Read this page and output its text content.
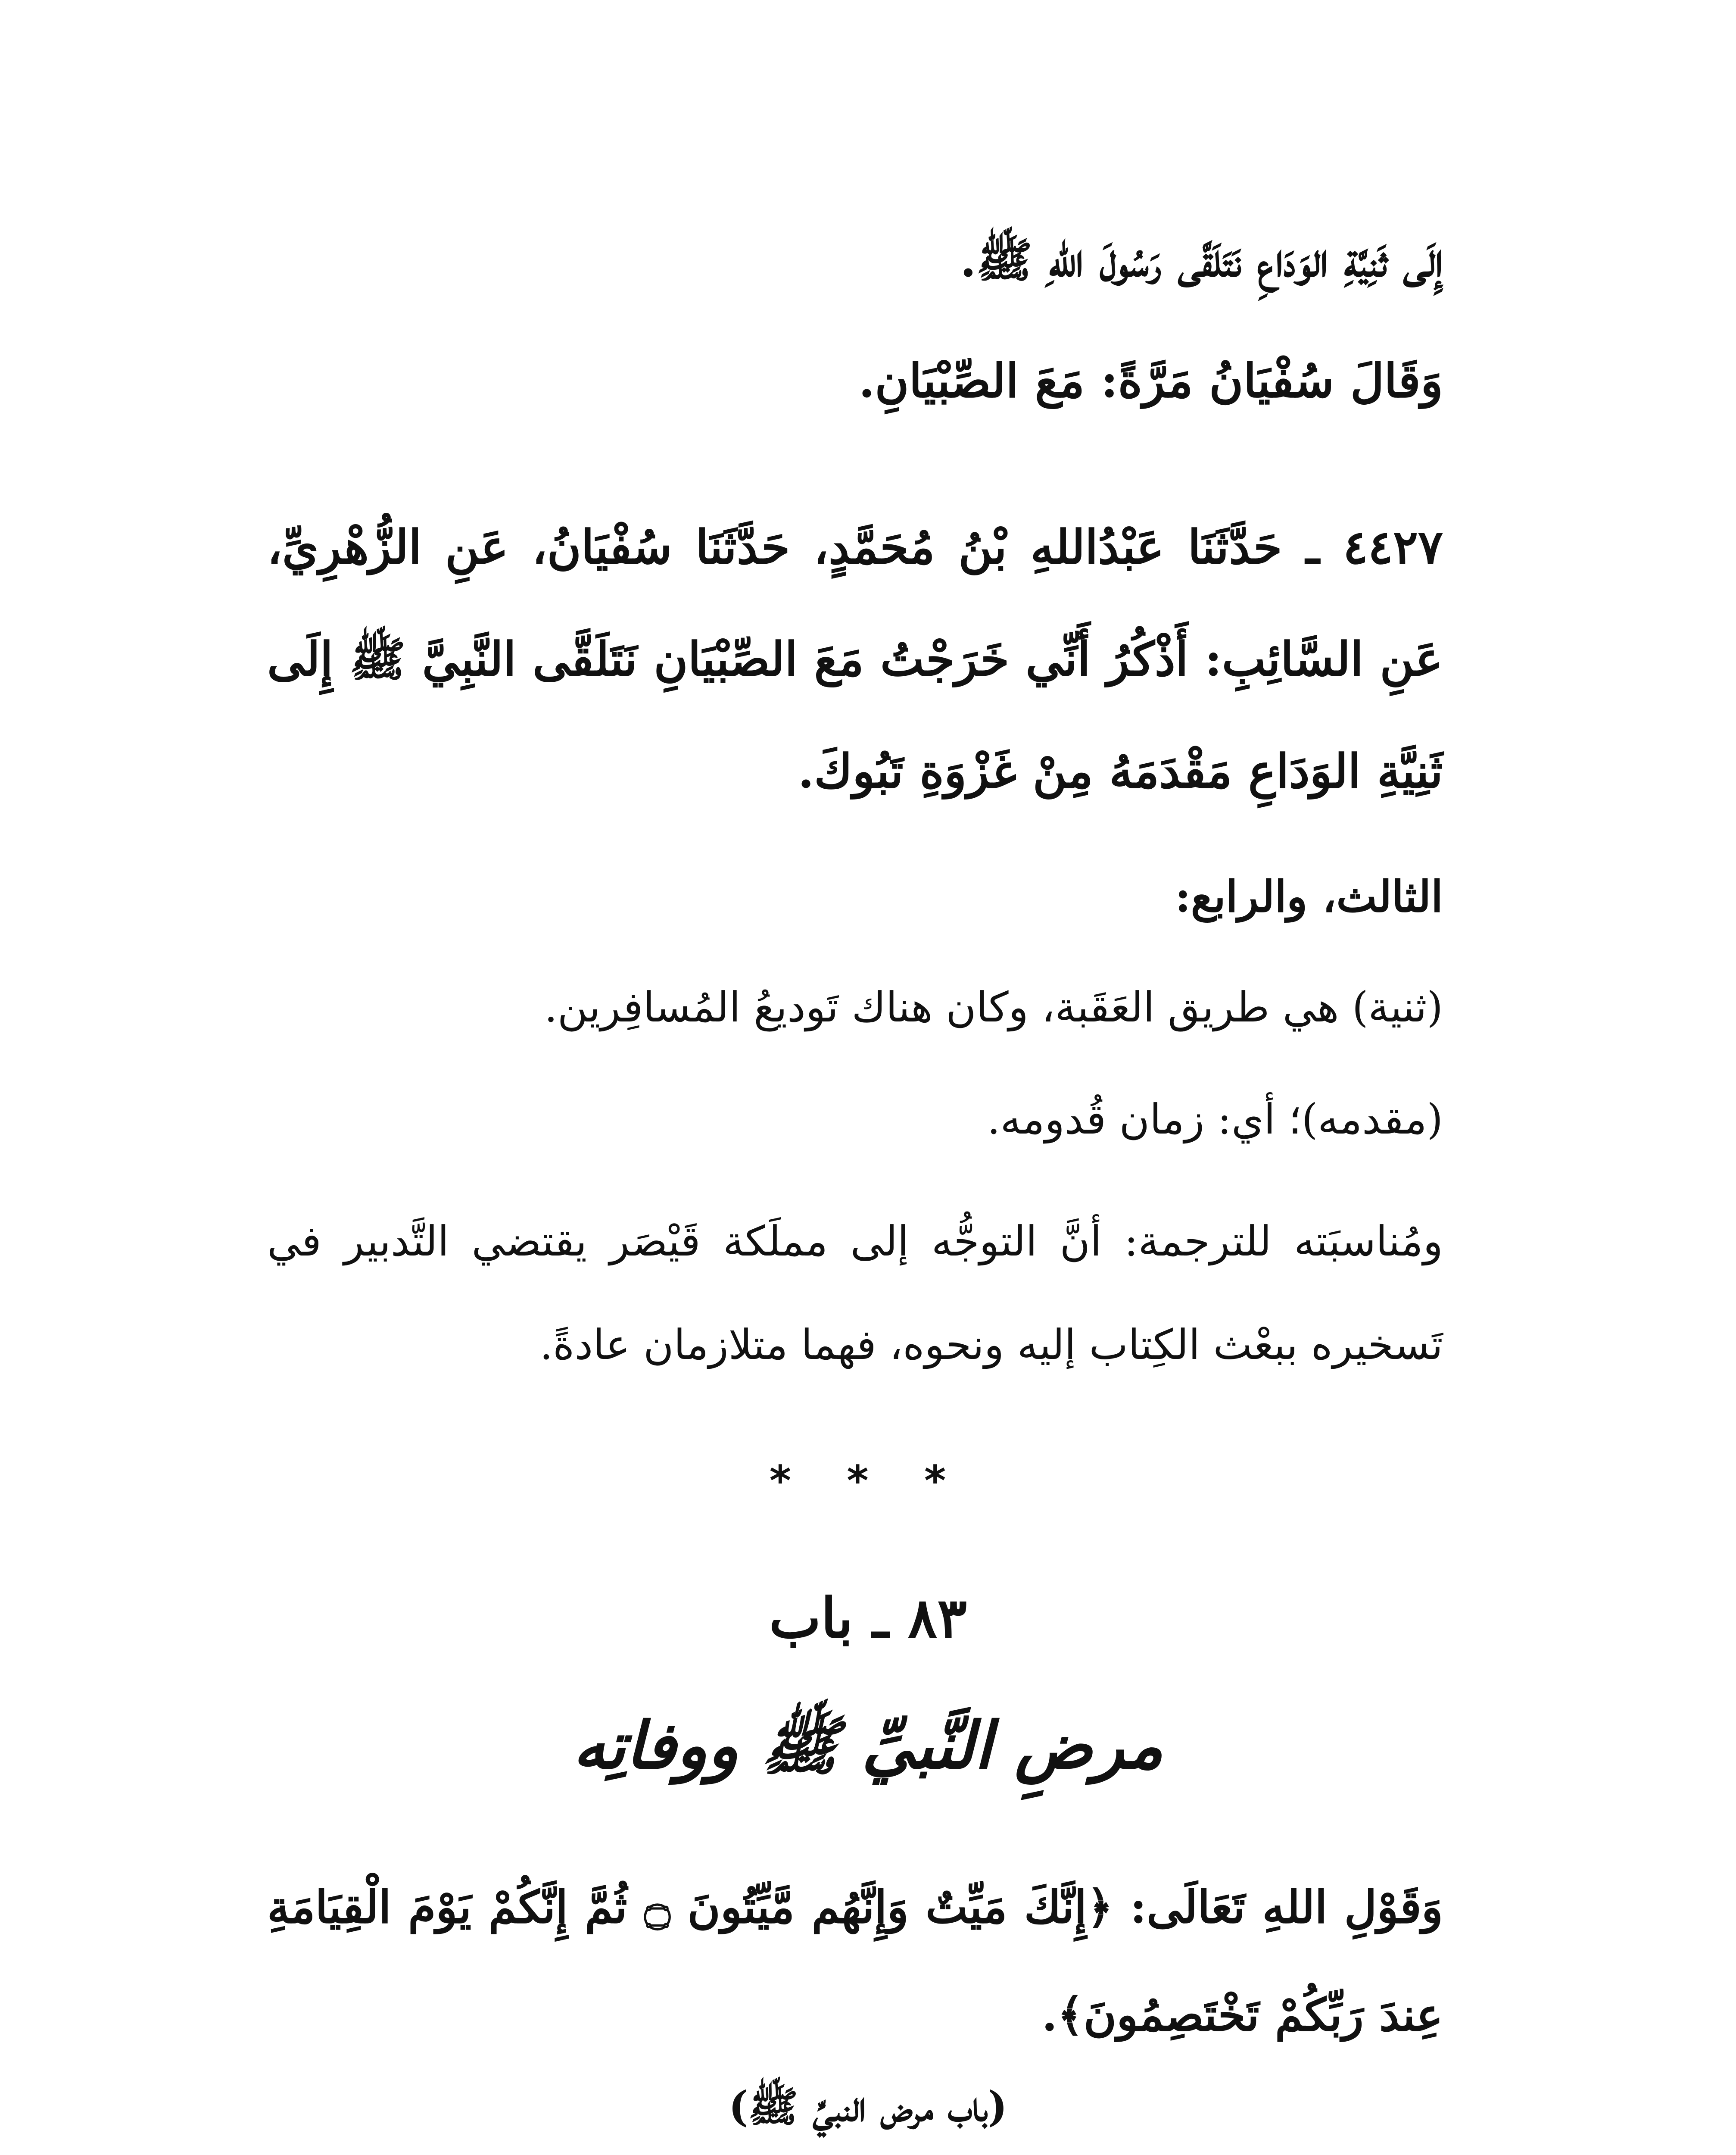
إِلَى ثَنِيَّةِ الوَدَاعِ نَتَلَقَّى رَسُولَ اللهِ ﷺ.
وَقَالَ سُفْيَانُ مَرَّةً: مَعَ الصِّبْيَانِ.
٤٤٢٧ ـ حَدَّثَنَا عَبْدُاللهِ بْنُ مُحَمَّدٍ، حَدَّثَنَا سُفْيَانُ، عَنِ الزُّهْرِيِّ، عَنِ السَّائِبِ: أَذْكُرُ أَنِّي خَرَجْتُ مَعَ الصِّبْيَانِ نَتَلَقَّى النَّبِيَّ ﷺ إِلَى ثَنِيَّةِ الوَدَاعِ مَقْدَمَهُ مِنْ غَزْوَةِ تَبُوكَ.
الثالث، والرابع:
(ثنية) هي طريق العَقَبة، وكان هناك تَوديعُ المُسافِرين.
(مقدمه)؛ أي: زمان قُدومه.
ومُناسبَته للترجمة: أنَّ التوجُّه إلى مملَكة قَيْصَر يقتضي التَّدبير في تَسخيره ببعْث الكِتاب إليه ونحوه، فهما متلازمان عادةً.
* * *
٨٣ ـ باب
مرضِ النَّبيِّ ﷺ ووفاتِه
وَقَوْلِ اللهِ تَعَالَى: ﴿إِنَّكَ مَيِّتٌ وَإِنَّهُم مَّيِّتُونَ ۝ ثُمَّ إِنَّكُمْ يَوْمَ الْقِيَامَةِ عِندَ رَبِّكُمْ تَخْتَصِمُونَ﴾.
(باب مرض النبيِّ ﷺ)
